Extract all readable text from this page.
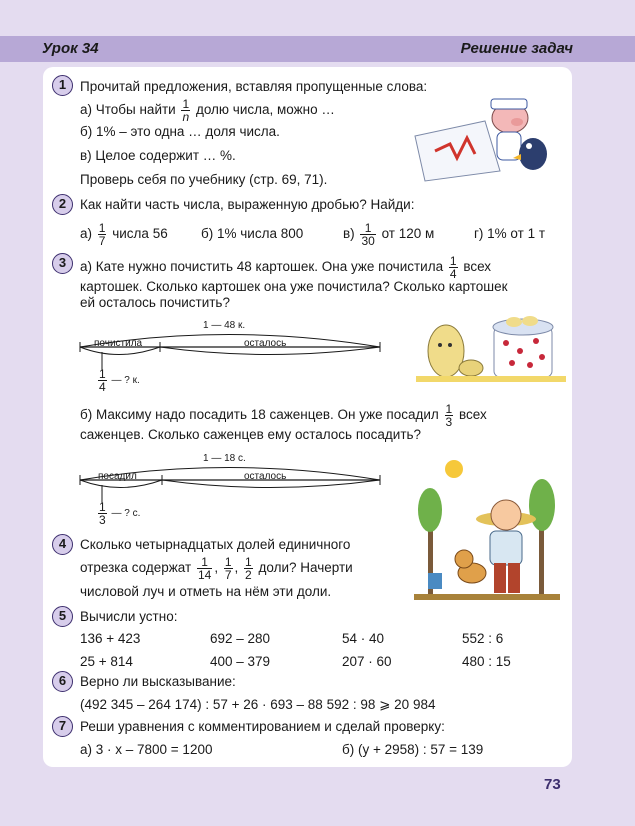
Урок 34	Решение задач
1	Прочитай предложения, вставляя пропущенные слова:
а) Чтобы найти $\frac{1}{n}$ долю числа, можно …
б) 1% – это одна … доля числа.
в) Целое содержит … %.
Проверь себя по учебнику (стр. 69, 71).
2	Как найти часть числа, выраженную дробью? Найди:
$а) \frac{1}{7}$ числа 56 б) 1% числа 800	$в) \frac{1}{30}$ от 120 м	г) 1% от 1 т
3	а) Кате нужно почистить 48 картошек. Она уже почистила $\frac{1}{4}$ всех
картошек. Сколько картошек она уже почистила? Сколько картошек
ей осталось почистить?
1 — 48 к.
почистила	осталось
$\frac{1}{4}$ — ? к.
б) Максиму надо посадить 18 саженцев. Он уже посадил $\frac{1}{3}$ всех
саженцев. Сколько саженцев ему осталось посадить?
1 — 18 с.
посадил	осталось
$\frac{1}{3}$ — ? с.
4	Сколько четырнадцатых долей единичного
отрезка содержат $\frac{1}{14}$ , $\frac{1}{7}$ , $\frac{1}{2}$ доли? Начерти
числовой луч и отметь на нём эти доли.
5	Вычисли устно:
136 + 423	692 – 280	54 · 40	552 : 6
25 + 814	400 – 379	207 · 60	480 : 15
6	Верно ли высказывание:
(492 345 – 264 174) : 57 + 26 · 693 – 88 592 : 98 ⩾ 20 984
7	Реши уравнения с комментированием и сделай проверку:
а) 3 · x – 7800 = 1200	б) (y + 2958) : 57 = 139
73
